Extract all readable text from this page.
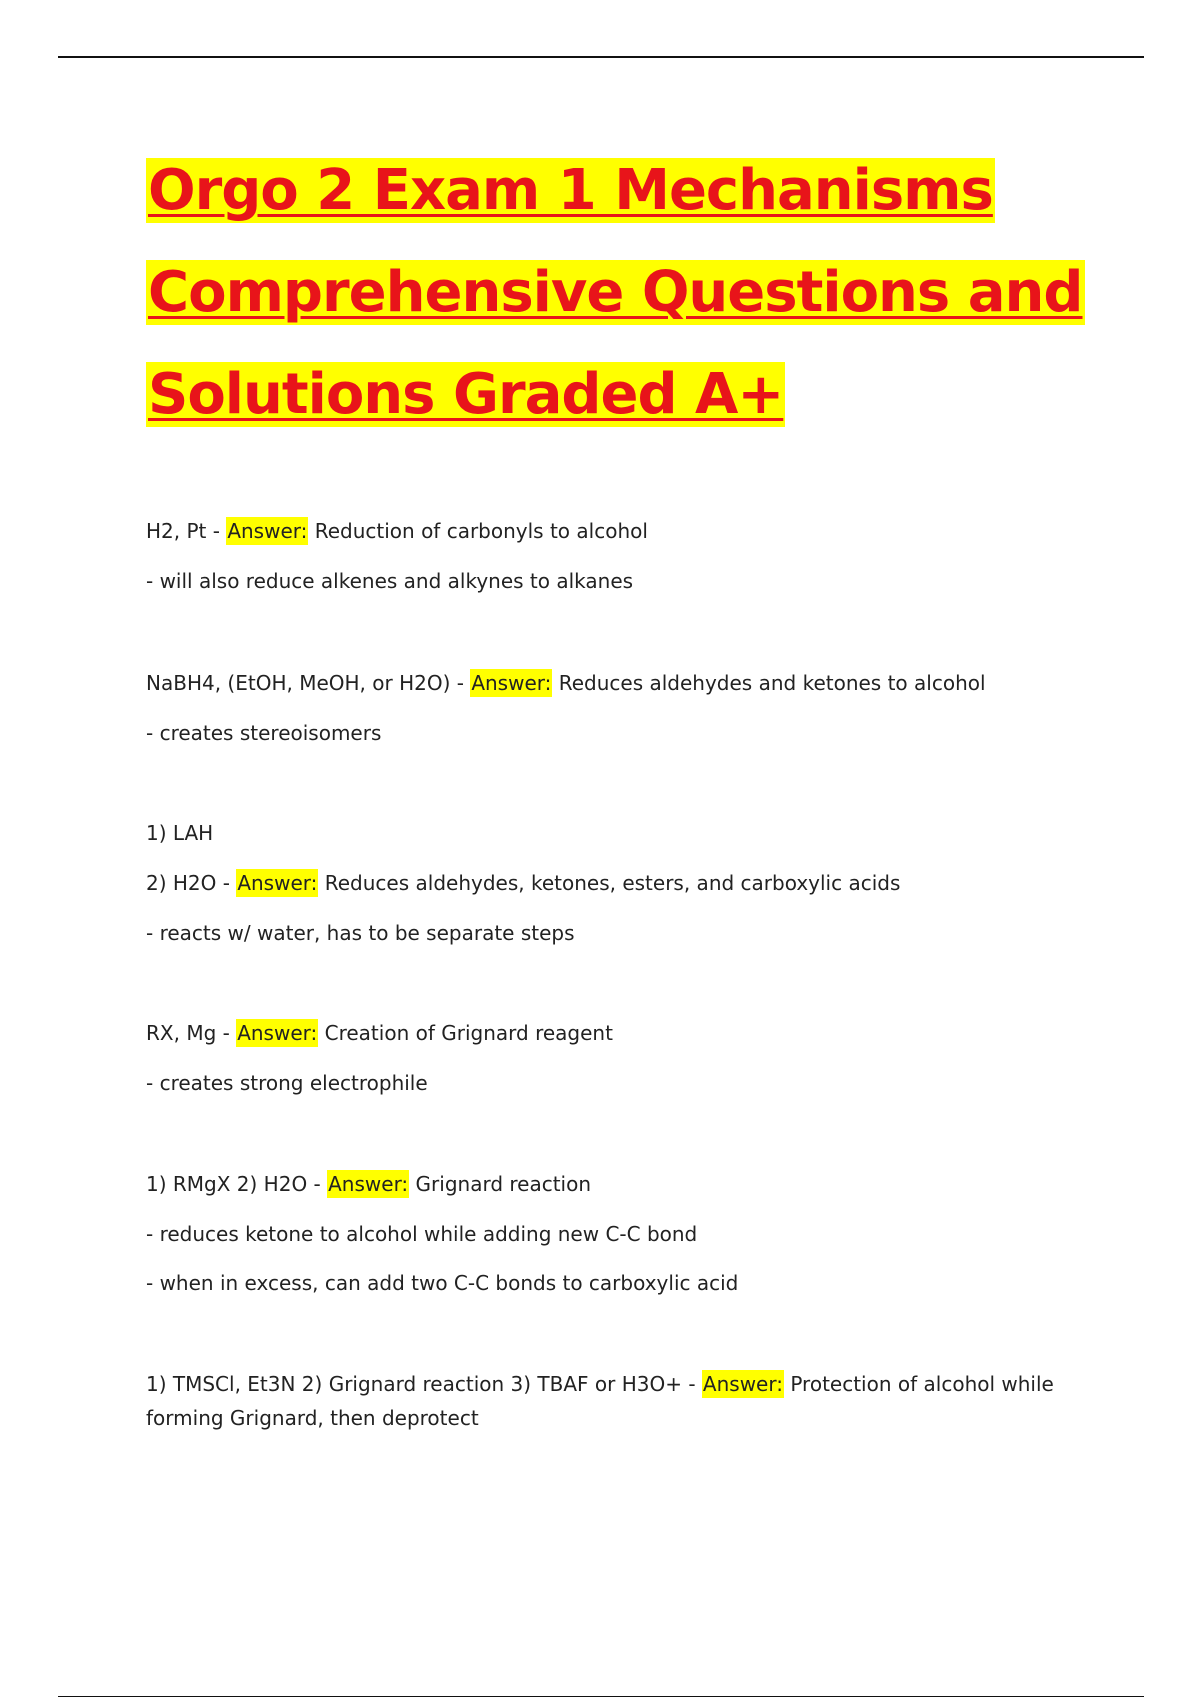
Orgo 2 Exam 1 Mechanisms Comprehensive Questions and Solutions Graded A+

H2, Pt - Answer: Reduction of carbonyls to alcohol

- will also reduce alkenes and alkynes to alkanes

NaBH4, (EtOH, MeOH, or H2O) - Answer: Reduces aldehydes and ketones to alcohol

- creates stereoisomers

1) LAH

2) H2O - Answer: Reduces aldehydes, ketones, esters, and carboxylic acids

- reacts w/ water, has to be separate steps

RX, Mg - Answer: Creation of Grignard reagent

- creates strong electrophile

1) RMgX 2) H2O - Answer: Grignard reaction

- reduces ketone to alcohol while adding new C-C bond

- when in excess, can add two C-C bonds to carboxylic acid

1) TMSCl, Et3N 2) Grignard reaction 3) TBAF or H3O+ - Answer: Protection of alcohol while forming Grignard, then deprotect
